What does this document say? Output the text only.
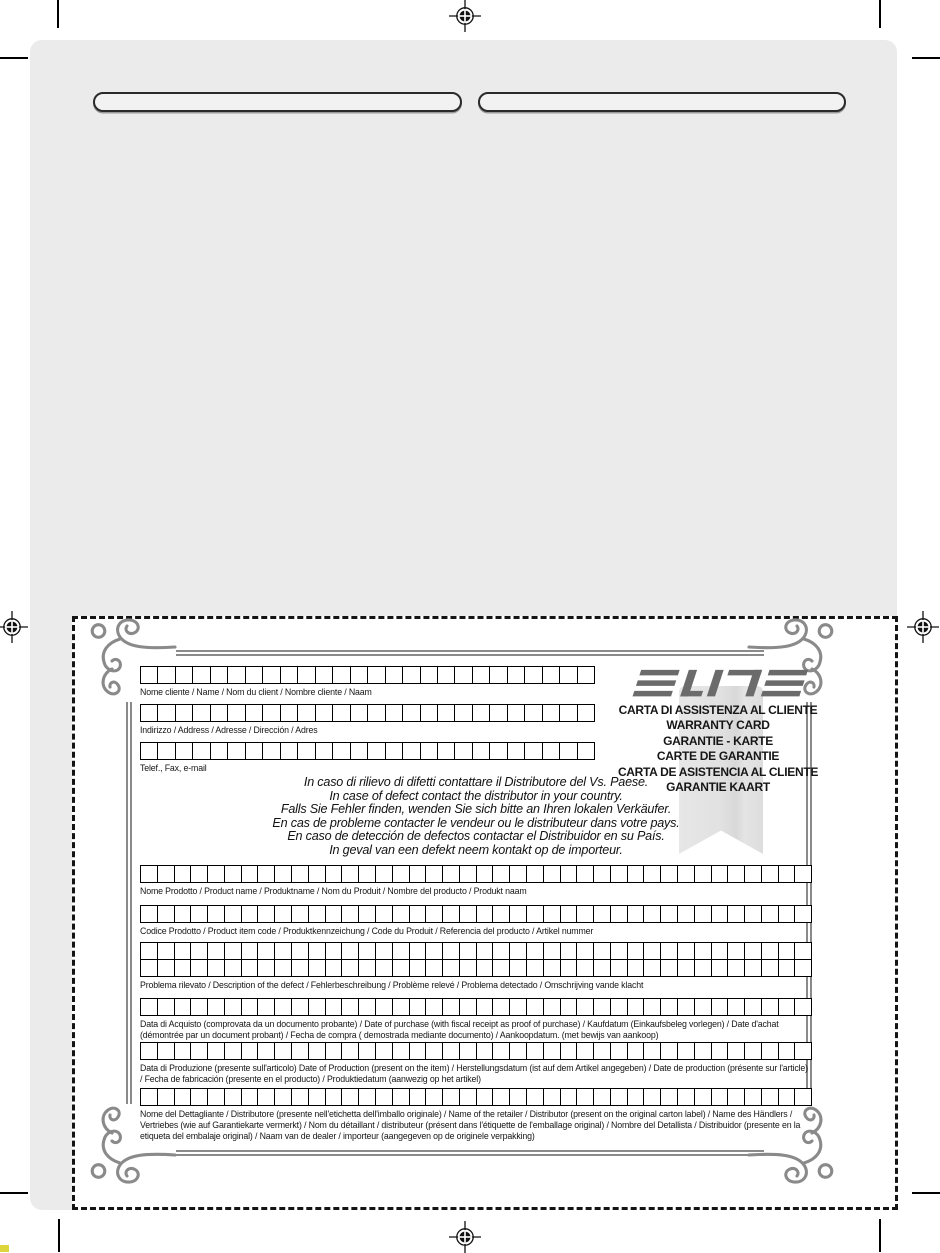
CARTA DI ASSISTENZA AL CLIENTE
WARRANTY CARD
GARANTIE - KARTE
CARTE DE GARANTIE
CARTA DE ASISTENCIA AL CLIENTE
GARANTIE KAART
Nome cliente / Name / Nom du client / Nombre cliente / Naam
Indirizzo / Address / Adresse / Dirección / Adres
Telef., Fax, e-mail
In caso di rilievo di difetti contattare il Distributore del Vs. Paese.
In case of defect contact the distributor in your country.
Falls Sie Fehler finden, wenden Sie sich bitte an Ihren lokalen Verkäufer.
En cas de probleme contacter le vendeur ou le distributeur dans votre pays.
En caso de detección de defectos contactar el Distribuidor en su País.
In geval van een defekt neem kontakt op de importeur.
Nome Prodotto / Product name / Produktname / Nom du Produit / Nombre del producto / Produkt naam
Codice Prodotto / Product item code / Produktkennzeichung / Code du Produit / Referencia del producto / Artikel nummer
Problema rilevato / Description of the defect / Fehlerbeschreibung / Problème relevé / Problema detectado / Omschrijving vande klacht
Data di Acquisto (comprovata da un documento probante) / Date of purchase (with fiscal receipt as proof of purchase) / Kaufdatum (Einkaufsbeleg vorlegen) / Date d'achat (démontrée par un document probant) / Fecha de compra ( demostrada mediante documento) / Aankoopdatum. (met bewijs van aankoop)
Data di Produzione (presente sull'articolo) Date of Production (present on the item) / Herstellungsdatum (ist auf dem Artikel angegeben) / Date de production (présente sur l'article) / Fecha de fabricación (presente en el producto) / Produktiedatum (aanwezig op het artikel)
Nome del Dettagliante / Distributore (presente nell'etichetta dell'imballo originale) / Name of the retailer / Distributor (present on the original carton label) / Name des Händlers / Vertriebes (wie auf Garantiekarte vermerkt) / Nom du détaillant / distributeur (présent dans l'étiquette de l'emballage original) / Nombre del Detallista / Distribuidor (presente en la etiqueta del embalaje original) / Naam van de dealer / importeur (aangegeven op de originele verpakking)
